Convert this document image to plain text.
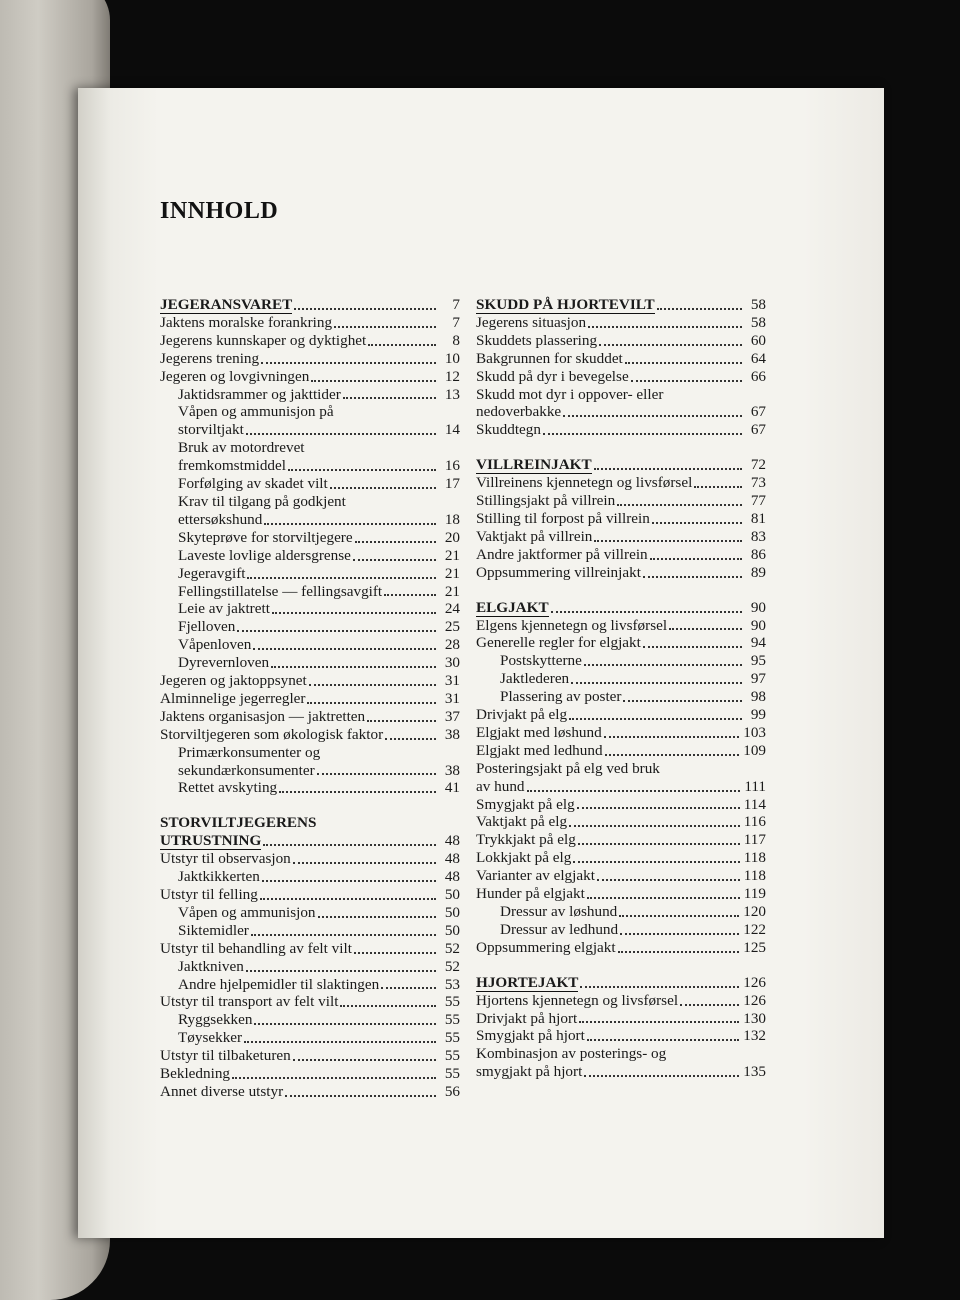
​
INNHOLD
JEGERANSVARET	7
Jaktens moralske forankring	7
Jegerens kunnskaper og dyktighet	8
Jegerens trening	10
Jegeren og lovgivningen	12
Jaktidsrammer og jakttider	13
Våpen og ammunisjon på
storviltjakt	14
Bruk av motordrevet
fremkomstmiddel	16
Forfølging av skadet vilt	17
Krav til tilgang på godkjent
ettersøkshund	18
Skyteprøve for storviltjegere	20
Laveste lovlige aldersgrense	21
Jegeravgift	21
Fellingstillatelse — fellingsavgift	21
Leie av jaktrett	24
Fjelloven	25
Våpenloven	28
Dyrevernloven	30
Jegeren og jaktoppsynet	31
Alminnelige jegerregler	31
Jaktens organisasjon — jaktretten	37
Storviltjegeren som økologisk faktor	38
Primærkonsumenter og
sekundærkonsumenter	38
Rettet avskyting	41
STORVILTJEGERENS
UTRUSTNING	48
Utstyr til observasjon	48
Jaktkikkerten	48
Utstyr til felling	50
Våpen og ammunisjon	50
Siktemidler	50
Utstyr til behandling av felt vilt	52
Jaktkniven	52
Andre hjelpemidler til slaktingen	53
Utstyr til transport av felt vilt	55
Ryggsekken	55
Tøysekker	55
Utstyr til tilbaketuren	55
Bekledning	55
Annet diverse utstyr	56
SKUDD PÅ HJORTEVILT	58
Jegerens situasjon	58
Skuddets plassering	60
Bakgrunnen for skuddet	64
Skudd på dyr i bevegelse	66
Skudd mot dyr i oppover- eller
nedoverbakke	67
Skuddtegn	67
VILLREINJAKT	72
Villreinens kjennetegn og livsførsel	73
Stillingsjakt på villrein	77
Stilling til forpost på villrein	81
Vaktjakt på villrein	83
Andre jaktformer på villrein	86
Oppsummering villreinjakt	89
ELGJAKT	90
Elgens kjennetegn og livsførsel	90
Generelle regler for elgjakt	94
Postskytterne	95
Jaktlederen	97
Plassering av poster	98
Drivjakt på elg	99
Elgjakt med løshund	103
Elgjakt med ledhund	109
Posteringsjakt på elg ved bruk
av hund	111
Smygjakt på elg	114
Vaktjakt på elg	116
Trykkjakt på elg	117
Lokkjakt på elg	118
Varianter av elgjakt	118
Hunder på elgjakt	119
Dressur av løshund	120
Dressur av ledhund	122
Oppsummering elgjakt	125
HJORTEJAKT	126
Hjortens kjennetegn og livsførsel	126
Drivjakt på hjort	130
Smygjakt på hjort	132
Kombinasjon av posterings- og
smygjakt på hjort	135
